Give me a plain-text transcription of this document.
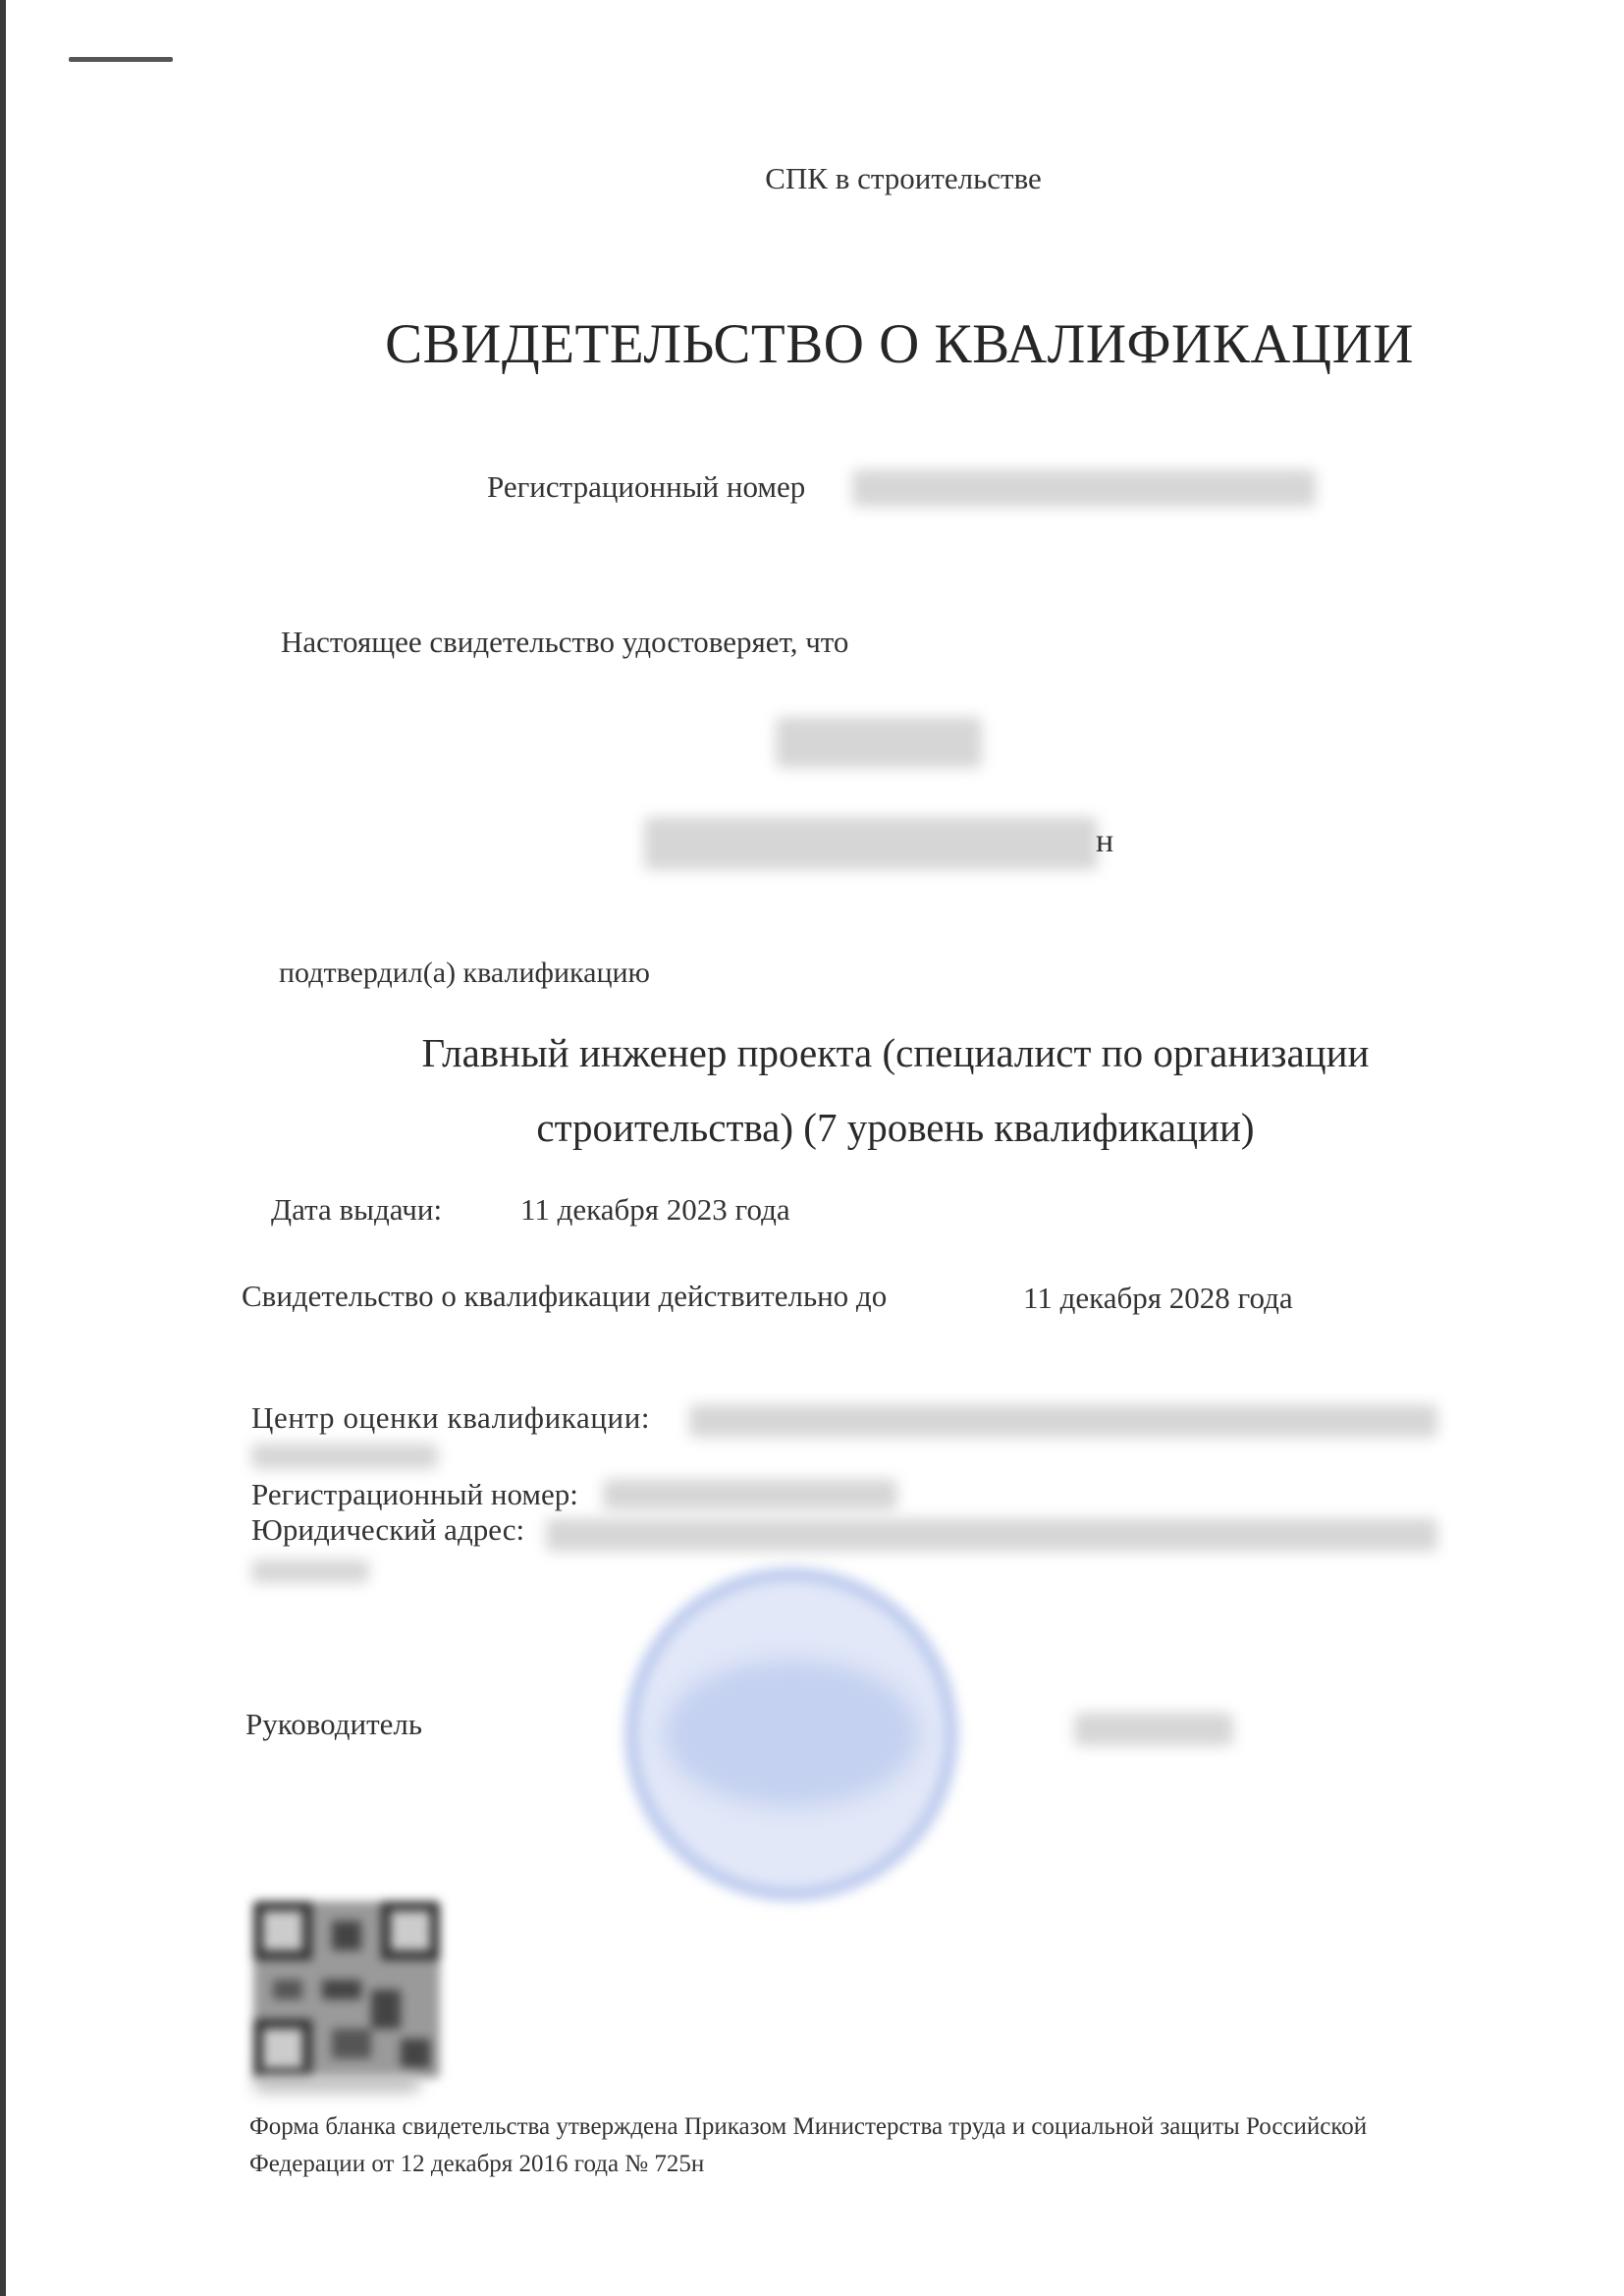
СПК в строительстве
СВИДЕТЕЛЬСТВО О КВАЛИФИКАЦИИ
Регистрационный номер
Настоящее свидетельство удостоверяет, что
н
подтвердил(а) квалификацию
Главный инженер проекта (специалист по организации
строительства) (7 уровень квалификации)
Дата выдачи:	11 декабря 2023 года
Свидетельство о квалификации действительно до	11 декабря 2028 года
Центр оценки квалификации:
Регистрационный номер:
Юридический адрес:
Руководитель
Форма бланка свидетельства утверждена Приказом Министерства труда и социальной защиты Российской
Федерации от 12 декабря 2016 года № 725н
